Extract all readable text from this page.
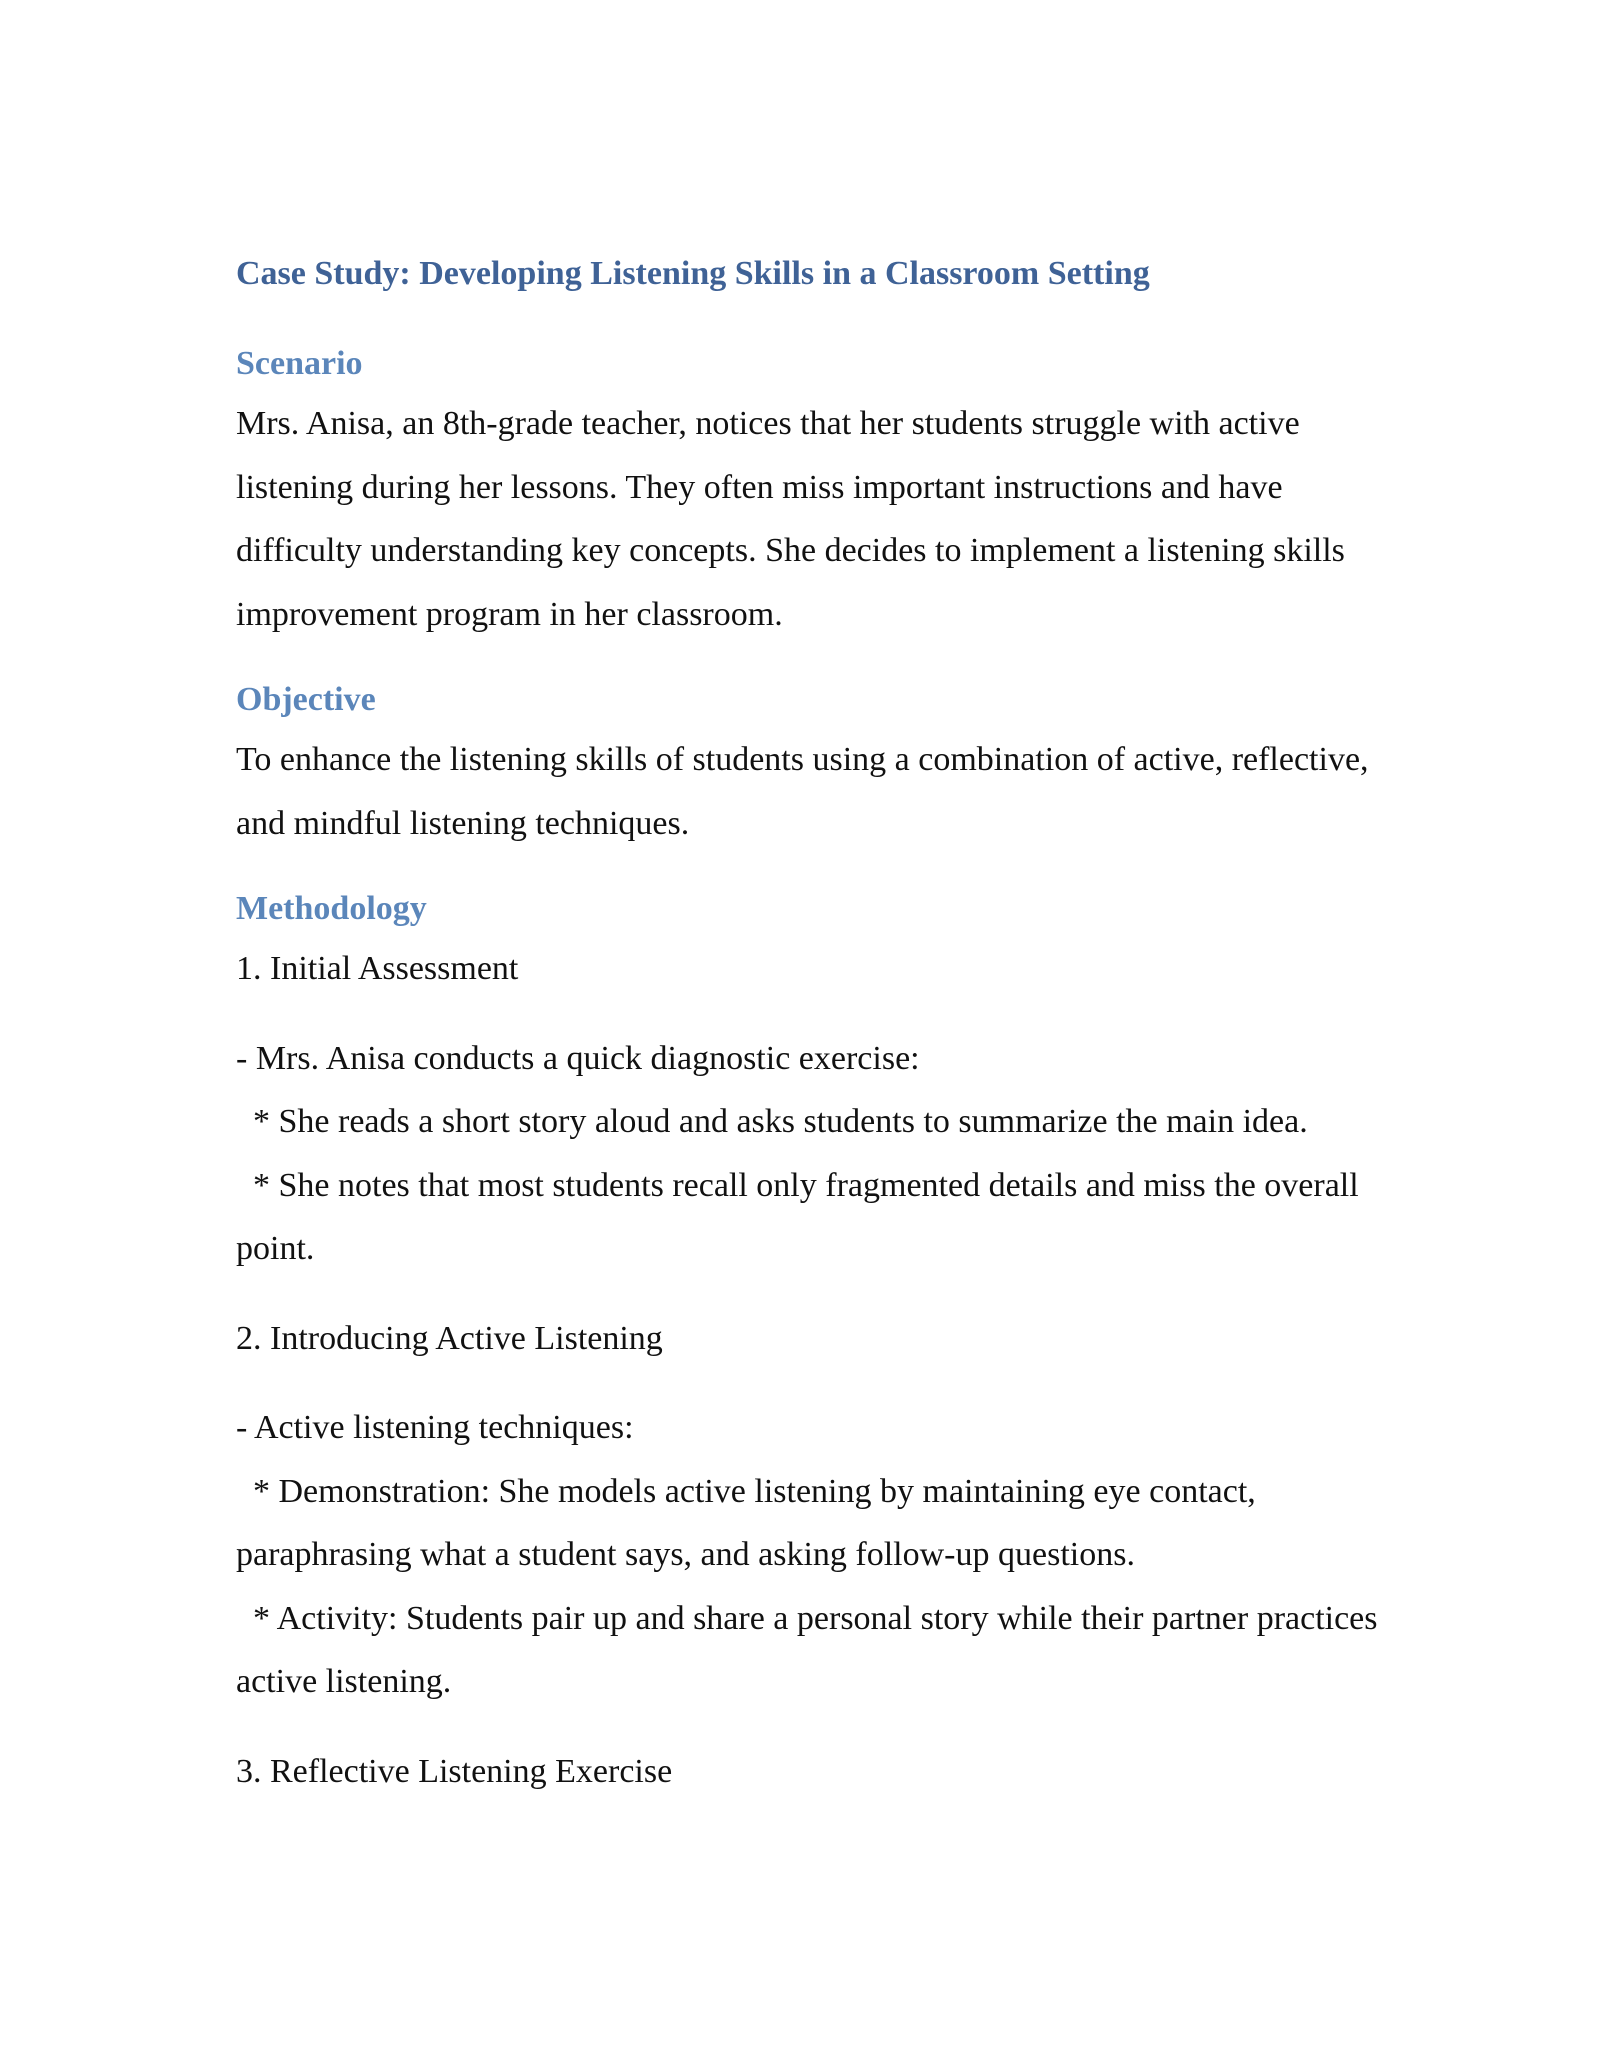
Case Study: Developing Listening Skills in a Classroom Setting
Scenario

Mrs. Anisa, an 8th-grade teacher, notices that her students struggle with active listening during her lessons. They often miss important instructions and have difficulty understanding key concepts. She decides to implement a listening skills improvement program in her classroom.

Objective

To enhance the listening skills of students using a combination of active, reflective, and mindful listening techniques.

Methodology

1. Initial Assessment

- Mrs. Anisa conducts a quick diagnostic exercise:

* She reads a short story aloud and asks students to summarize the main idea.

* She notes that most students recall only fragmented details and miss the overall point.

2. Introducing Active Listening

- Active listening techniques:

* Demonstration: She models active listening by maintaining eye contact, paraphrasing what a student says, and asking follow-up questions.

* Activity: Students pair up and share a personal story while their partner practices active listening.

3. Reflective Listening Exercise
